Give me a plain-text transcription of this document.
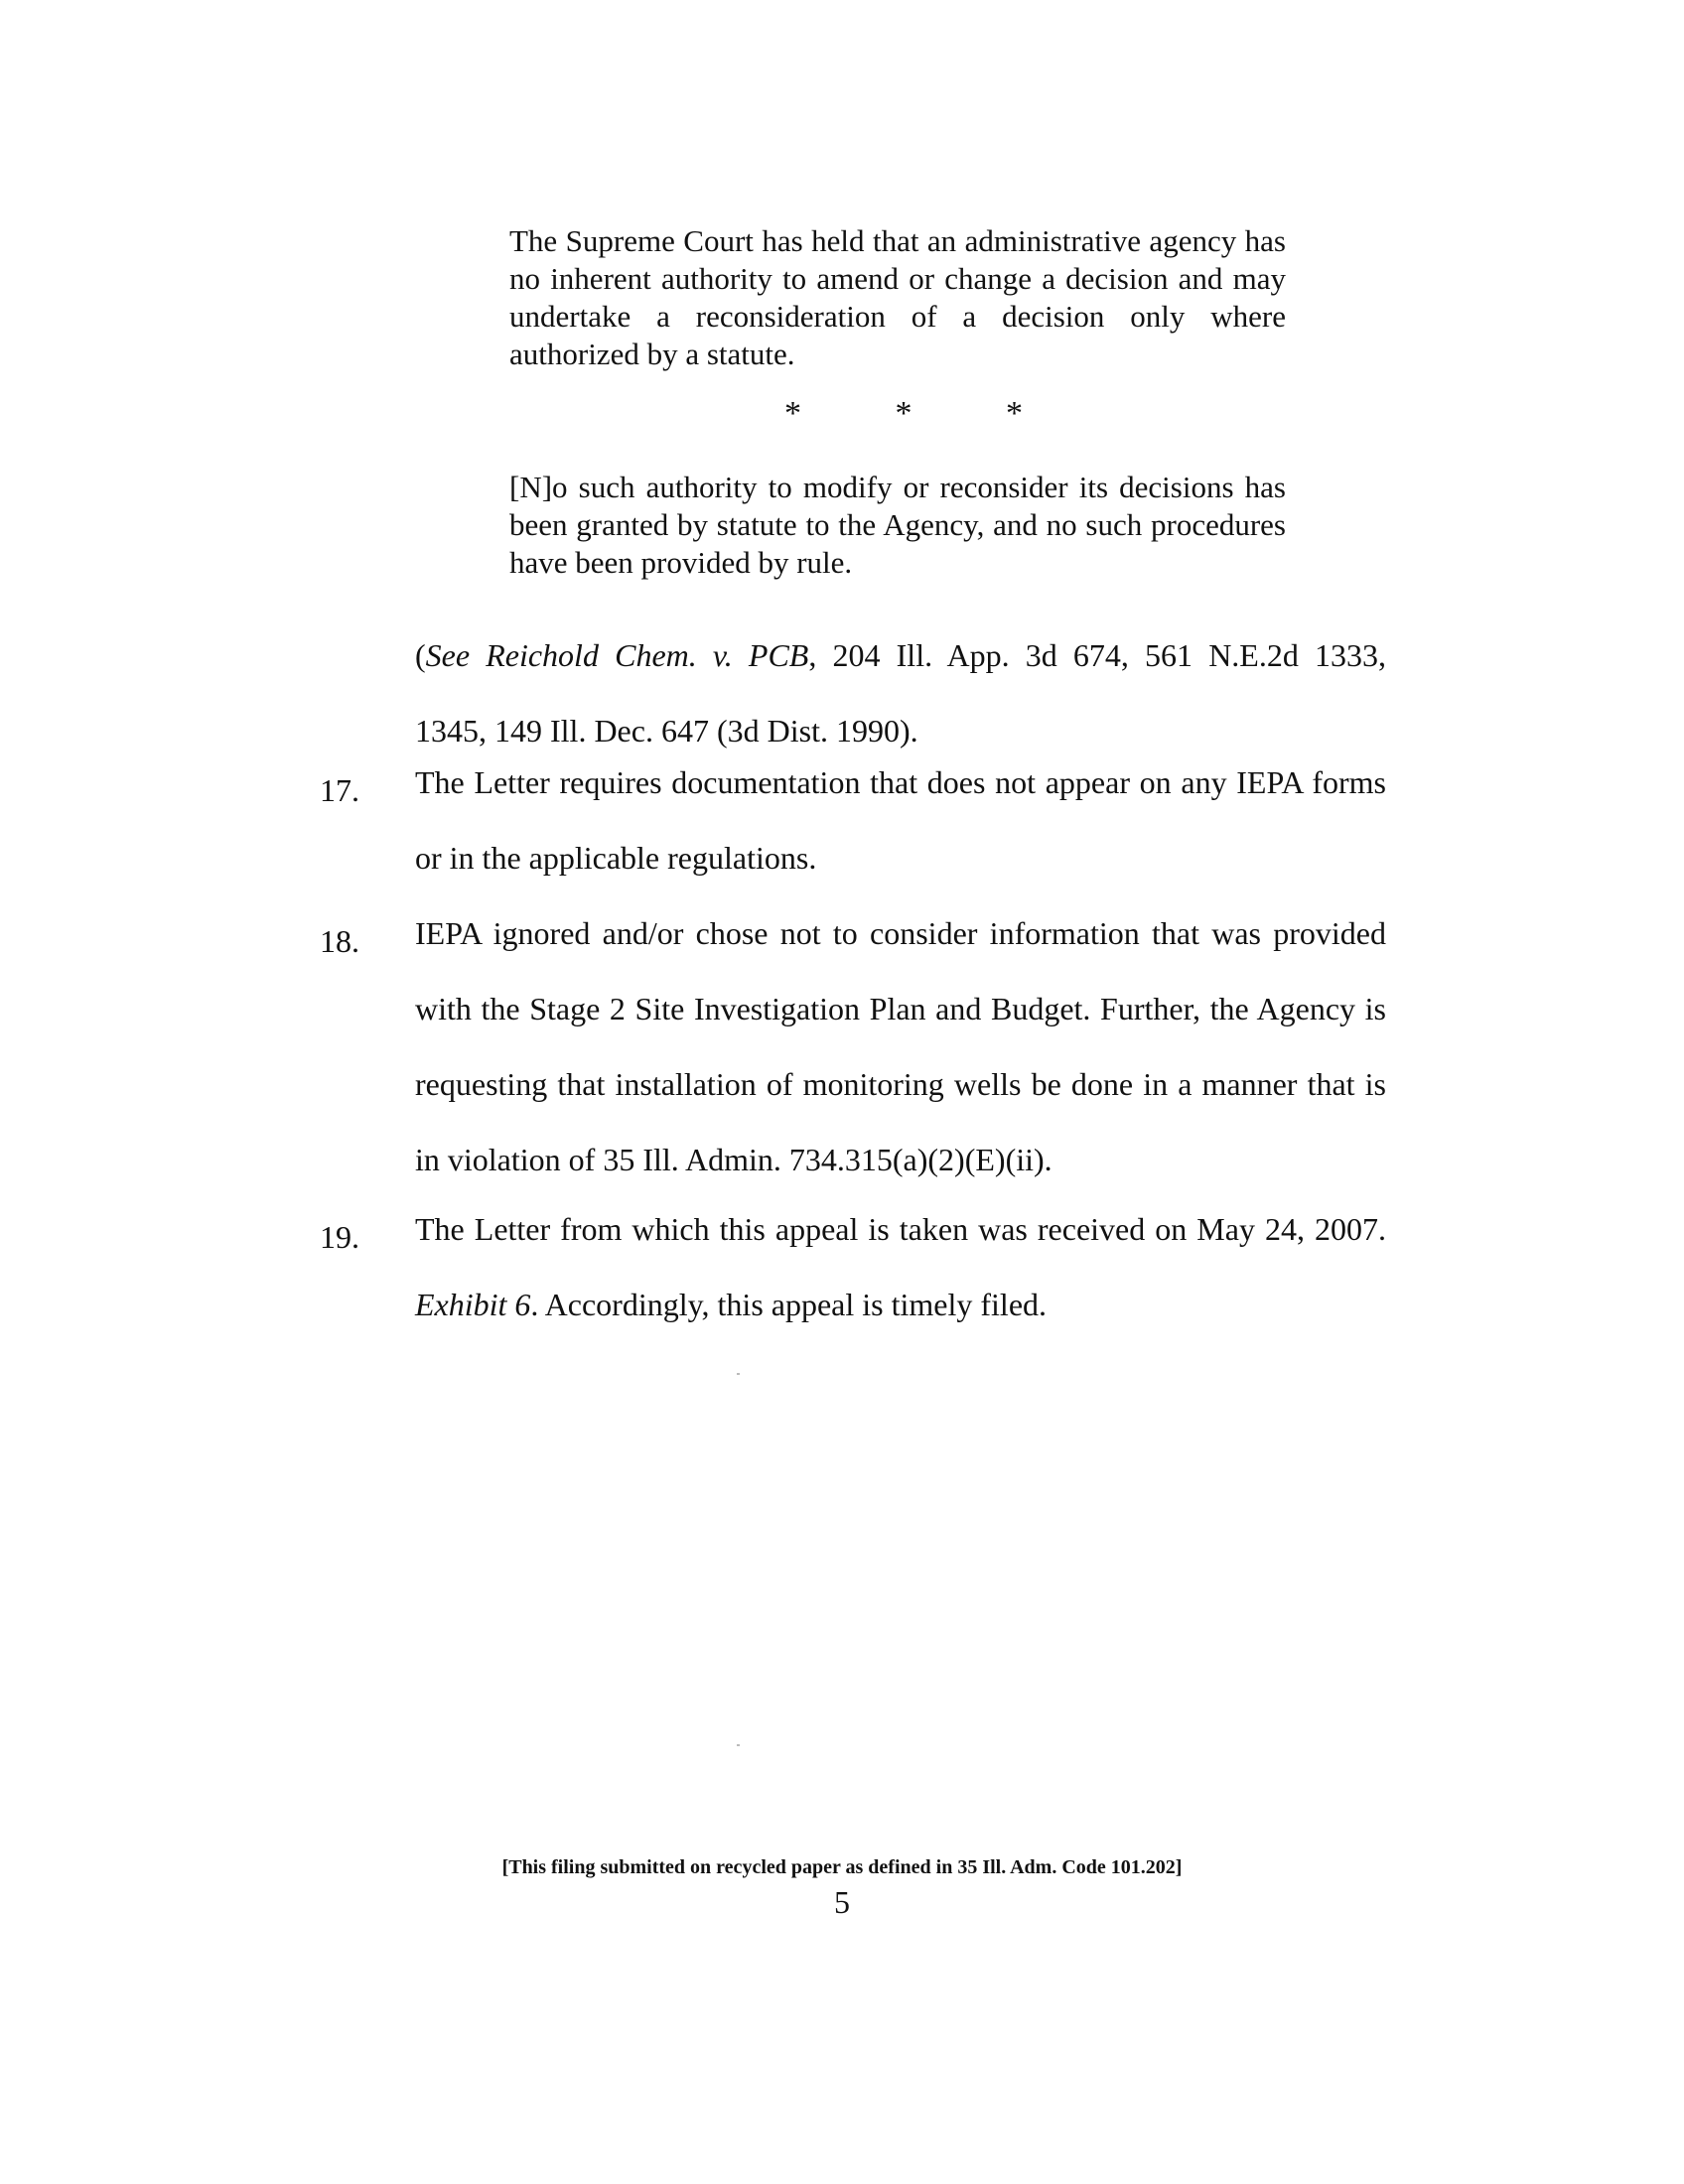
The Supreme Court has held that an administrative agency has no inherent authority to amend or change a decision and may undertake a reconsideration of a decision only where authorized by a statute.
*	*	*
[N]o such authority to modify or reconsider its decisions has been granted by statute to the Agency, and no such procedures have been provided by rule.
(See Reichold Chem. v. PCB, 204 Ill. App. 3d 674, 561 N.E.2d 1333,
1345, 149 Ill. Dec. 647 (3d Dist. 1990).
17. The Letter requires documentation that does not appear on any IEPA forms or in the applicable regulations.
18. IEPA ignored and/or chose not to consider information that was provided with the Stage 2 Site Investigation Plan and Budget. Further, the Agency is requesting that installation of monitoring wells be done in a manner that is in violation of 35 Ill. Admin. 734.315(a)(2)(E)(ii).
19. The Letter from which this appeal is taken was received on May 24, 2007. Exhibit 6. Accordingly, this appeal is timely filed.
[This filing submitted on recycled paper as defined in 35 Ill. Adm. Code 101.202]
5
